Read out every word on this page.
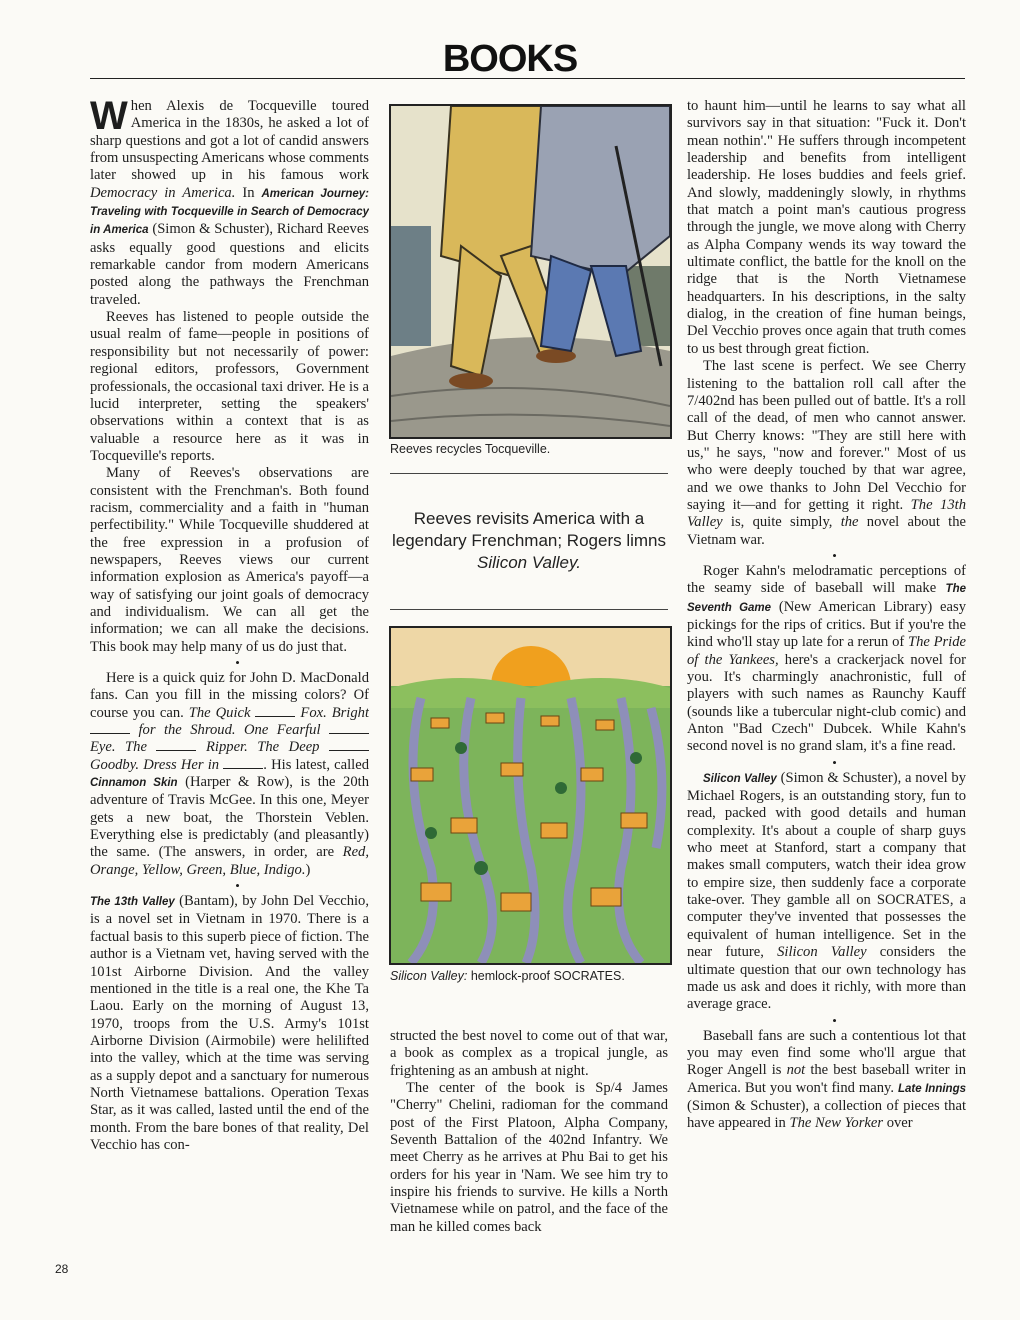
BOOKS

When Alexis de Tocqueville toured America in the 1830s, he asked a lot of sharp questions and got a lot of candid answers from unsuspecting Americans whose comments later showed up in his famous work Democracy in America. In American Journey: Traveling with Tocqueville in Search of Democracy in America (Simon & Schuster), Richard Reeves asks equally good questions and elicits remarkable candor from modern Americans posted along the pathways the Frenchman traveled.

Reeves has listened to people outside the usual realm of fame—people in positions of responsibility but not necessarily of power: regional editors, professors, Government professionals, the occasional taxi driver. He is a lucid interpreter, setting the speakers' observations within a context that is as valuable a resource here as it was in Tocqueville's reports.

Many of Reeves's observations are consistent with the Frenchman's. Both found racism, commerciality and a faith in "human perfectibility." While Tocqueville shuddered at the free expression in a profusion of newspapers, Reeves views our current information explosion as America's payoff—a way of satisfying our joint goals of democracy and individualism. We can all get the information; we can all make the decisions. This book may help many of us do just that.

•

Here is a quick quiz for John D. MacDonald fans. Can you fill in the missing colors? Of course you can. The Quick	Fox. Bright  for the Shroud. One Fearful  Eye. The	Ripper. The Deep  Goodby. Dress Her in	. His latest, called Cinnamon Skin (Harper & Row), is the 20th adventure of Travis McGee. In this one, Meyer gets a new boat, the Thorstein Veblen. Everything else is predictably (and pleasantly) the same. (The answers, in order, are Red, Orange, Yellow, Green, Blue, Indigo.)

•

The 13th Valley (Bantam), by John Del Vecchio, is a novel set in Vietnam in 1970. There is a factual basis to this superb piece of fiction. The author is a Vietnam vet, having served with the 101st Airborne Division. And the valley mentioned in the title is a real one, the Khe Ta Laou. Early on the morning of August 13, 1970, troops from the U.S. Army's 101st Airborne Division (Airmobile) were helilifted into the valley, which at the time was serving as a supply depot and a sanctuary for numerous North Vietnamese battalions. Operation Texas Star, as it was called, lasted until the end of the month. From the bare bones of that reality, Del Vecchio has con-

Reeves recycles Tocqueville.
Reeves revisits America with a legendary Frenchman; Rogers limns Silicon Valley.
Silicon Valley: hemlock-proof SOCRATES.

structed the best novel to come out of that war, a book as complex as a tropical jungle, as frightening as an ambush at night.

The center of the book is Sp/4 James "Cherry" Chelini, radioman for the command post of the First Platoon, Alpha Company, Seventh Battalion of the 402nd Infantry. We meet Cherry as he arrives at Phu Bai to get his orders for his year in 'Nam. We see him try to inspire his friends to survive. He kills a North Vietnamese while on patrol, and the face of the man he killed comes back

to haunt him—until he learns to say what all survivors say in that situation: "Fuck it. Don't mean nothin'." He suffers through incompetent leadership and benefits from intelligent leadership. He loses buddies and feels grief. And slowly, maddeningly slowly, in rhythms that match a point man's cautious progress through the jungle, we move along with Cherry as Alpha Company wends its way toward the ultimate conflict, the battle for the knoll on the ridge that is the North Vietnamese headquarters. In his descriptions, in the salty dialog, in the creation of fine human beings, Del Vecchio proves once again that truth comes to us best through great fiction.

The last scene is perfect. We see Cherry listening to the battalion roll call after the 7/402nd has been pulled out of battle. It's a roll call of the dead, of men who cannot answer. But Cherry knows: "They are still here with us," he says, "now and forever." Most of us who were deeply touched by that war agree, and we owe thanks to John Del Vecchio for saying it—and for getting it right. The 13th Valley is, quite simply, the novel about the Vietnam war.

•

Roger Kahn's melodramatic perceptions of the seamy side of baseball will make The Seventh Game (New American Library) easy pickings for the rips of critics. But if you're the kind who'll stay up late for a rerun of The Pride of the Yankees, here's a crackerjack novel for you. It's charmingly anachronistic, full of players with such names as Raunchy Kauff (sounds like a tubercular night-club comic) and Anton "Bad Czech" Dubcek. While Kahn's second novel is no grand slam, it's a fine read.

•

Silicon Valley (Simon & Schuster), a novel by Michael Rogers, is an outstanding story, fun to read, packed with good details and human complexity. It's about a couple of sharp guys who meet at Stanford, start a company that makes small computers, watch their idea grow to empire size, then suddenly face a corporate take-over. They gamble all on SOCRATES, a computer they've invented that possesses the equivalent of human intelligence. Set in the near future, Silicon Valley considers the ultimate question that our own technology has made us ask and does it richly, with more than average grace.

•

Baseball fans are such a contentious lot that you may even find some who'll argue that Roger Angell is not the best baseball writer in America. But you won't find many. Late Innings (Simon & Schuster), a collection of pieces that have appeared in The New Yorker over

28
